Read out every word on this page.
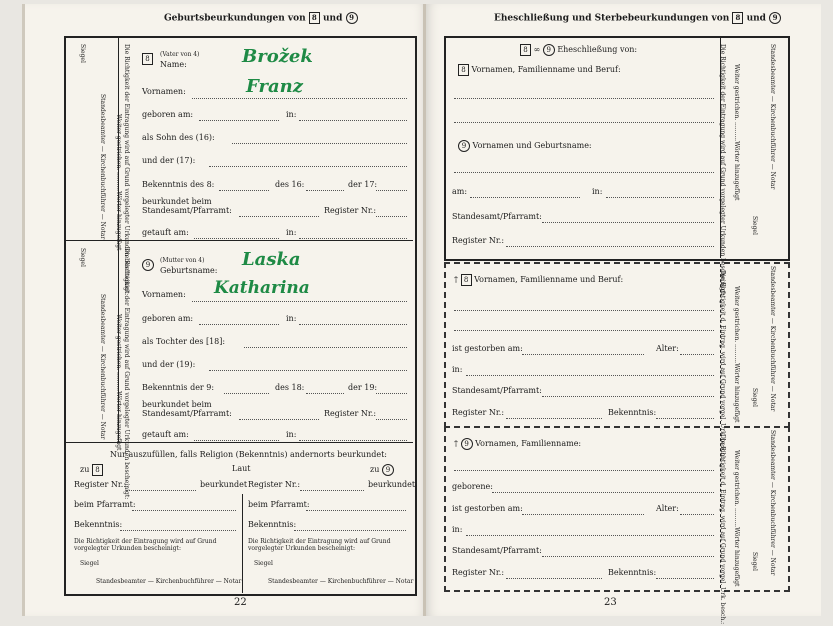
Geburtsbeurkundungen von 8 und 9
Siegel
Standesbeamter — Kirchenbuchführer — Notar	Die Richtigkeit der Eintragung wird auf Grund vorgelegter Urkunden bescheinigt:
Weiter gestrichen. ..........Wörter hinzugefügt
Siegel
Standesbeamter — Kirchenbuchführer — Notar	Die Richtigkeit der Eintragung wird auf Grund vorgelegter Urkunden bescheinigt:
Weiter gestrichen. ..........Wörter hinzugefügt
8
(Vater von 4)
Name:	Brožek
Vornamen:	Franz
geboren am:	in:
als Sohn des (16):
und der (17):
Bekenntnis des 8:	des 16:	der 17:
beurkundet beim
Standesamt/Pfarramt:	Register Nr.:
getauft am:	in:
9
(Mutter von 4)
Geburtsname:
Laska
Vornamen: Katharina
geboren am:	in:
als Tochter des [18]:
und der (19):
Bekenntnis der 9:	des 18:	der 19:
beurkundet beim
Standesamt/Pfarramt:	Register Nr.:
getauft am:	in:
Nur auszufüllen, falls Religion (Bekenntnis) andernorts beurkundet:
zu 8	Laut	zu 9
Register Nr.:	beurkundet
beim Pfarramt:
Bekenntnis:
Die Richtigkeit der Eintragung wird auf Grund vorgelegter Urkunden bescheinigt:
Siegel
Standesbeamter — Kirchenbuchführer — Notar
Register Nr.:	beurkundet
beim Pfarramt:
Bekenntnis:
Die Richtigkeit der Eintragung wird auf Grund vorgelegter Urkunden bescheinigt:
Siegel
Standesbeamter — Kirchenbuchführer — Notar
22
Eheschließung und Sterbebeurkundungen von 8 und 9
8 ∞ 9 Eheschließung von:
8 Vornamen, Familienname und Beruf:
9 Vornamen und Geburtsname:
am:	in:
Standesamt/Pfarramt:
Register Nr.:	Die Richtigkeit der Eintragung wird auf Grund vorgelegter Urkunden bescheinigt: Weiter gestrichen. ..........Wörter hinzugefügt
Siegel
Standesbeamter — Kirchenbuchführer — Notar
† 8 Vornamen, Familienname und Beruf:
ist gestorben am:	Alter:
in:
Standesamt/Pfarramt:
Register Nr.:	Bekenntnis:	Die Richtigkeit d. Eintrag. wird auf Grund vorgel. Urk. besch.: Weiter gestrichen. ..........Wörter hinzugefügt Siegel Standesbeamter — Kirchenbuchführer — Notar
† 9 Vornamen, Familienname:
geborene:
ist gestorben am:	Alter:
in:
Standesamt/Pfarramt:
Register Nr.:	Bekenntnis:	Die Richtigkeit d. Eintrag. wird auf Grund vorgel. Urk. besch.: Weiter gestrichen. ..........Wörter hinzugefügt Siegel Standesbeamter — Kirchenbuchführer — Notar
23
